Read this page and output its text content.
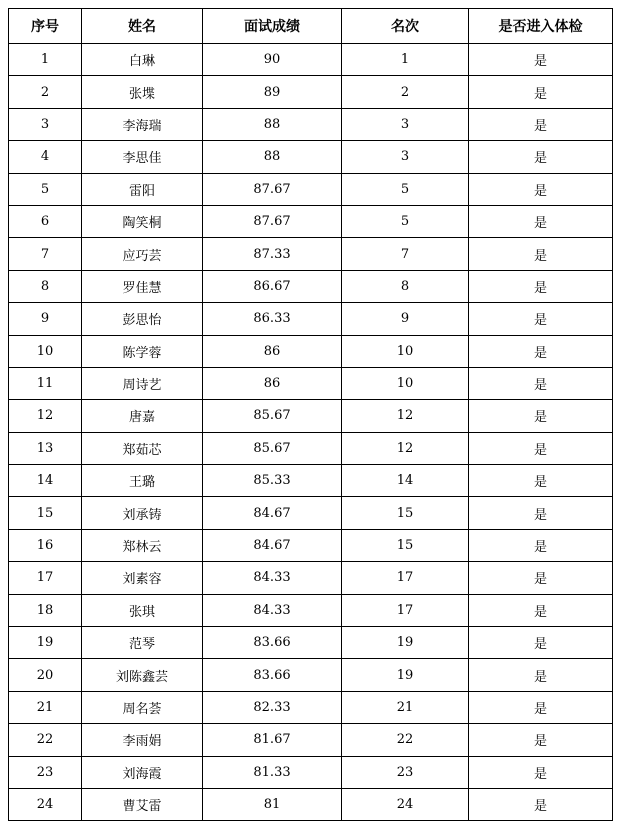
序号	姓名	面试成绩	名次	是否进入体检
1	白琳	90	1	是
2	张堞	89	2	是
3	李海瑞	88	3	是
4	李思佳	88	3	是
5	雷阳	87.67	5	是
6	陶笑桐	87.67	5	是
7	应巧芸	87.33	7	是
8	罗佳慧	86.67	8	是
9	彭思怡	86.33	9	是
10	陈学蓉	86	10	是
11	周诗艺	86	10	是
12	唐嘉	85.67	12	是
13	郑茹芯	85.67	12	是
14	王璐	85.33	14	是
15	刘承铸	84.67	15	是
16	郑林云	84.67	15	是
17	刘素容	84.33	17	是
18	张琪	84.33	17	是
19	范琴	83.66	19	是
20	刘陈鑫芸	83.66	19	是
21	周名荟	82.33	21	是
22	李雨娟	81.67	22	是
23	刘海霞	81.33	23	是
24	曹艾雷	81	24	是
